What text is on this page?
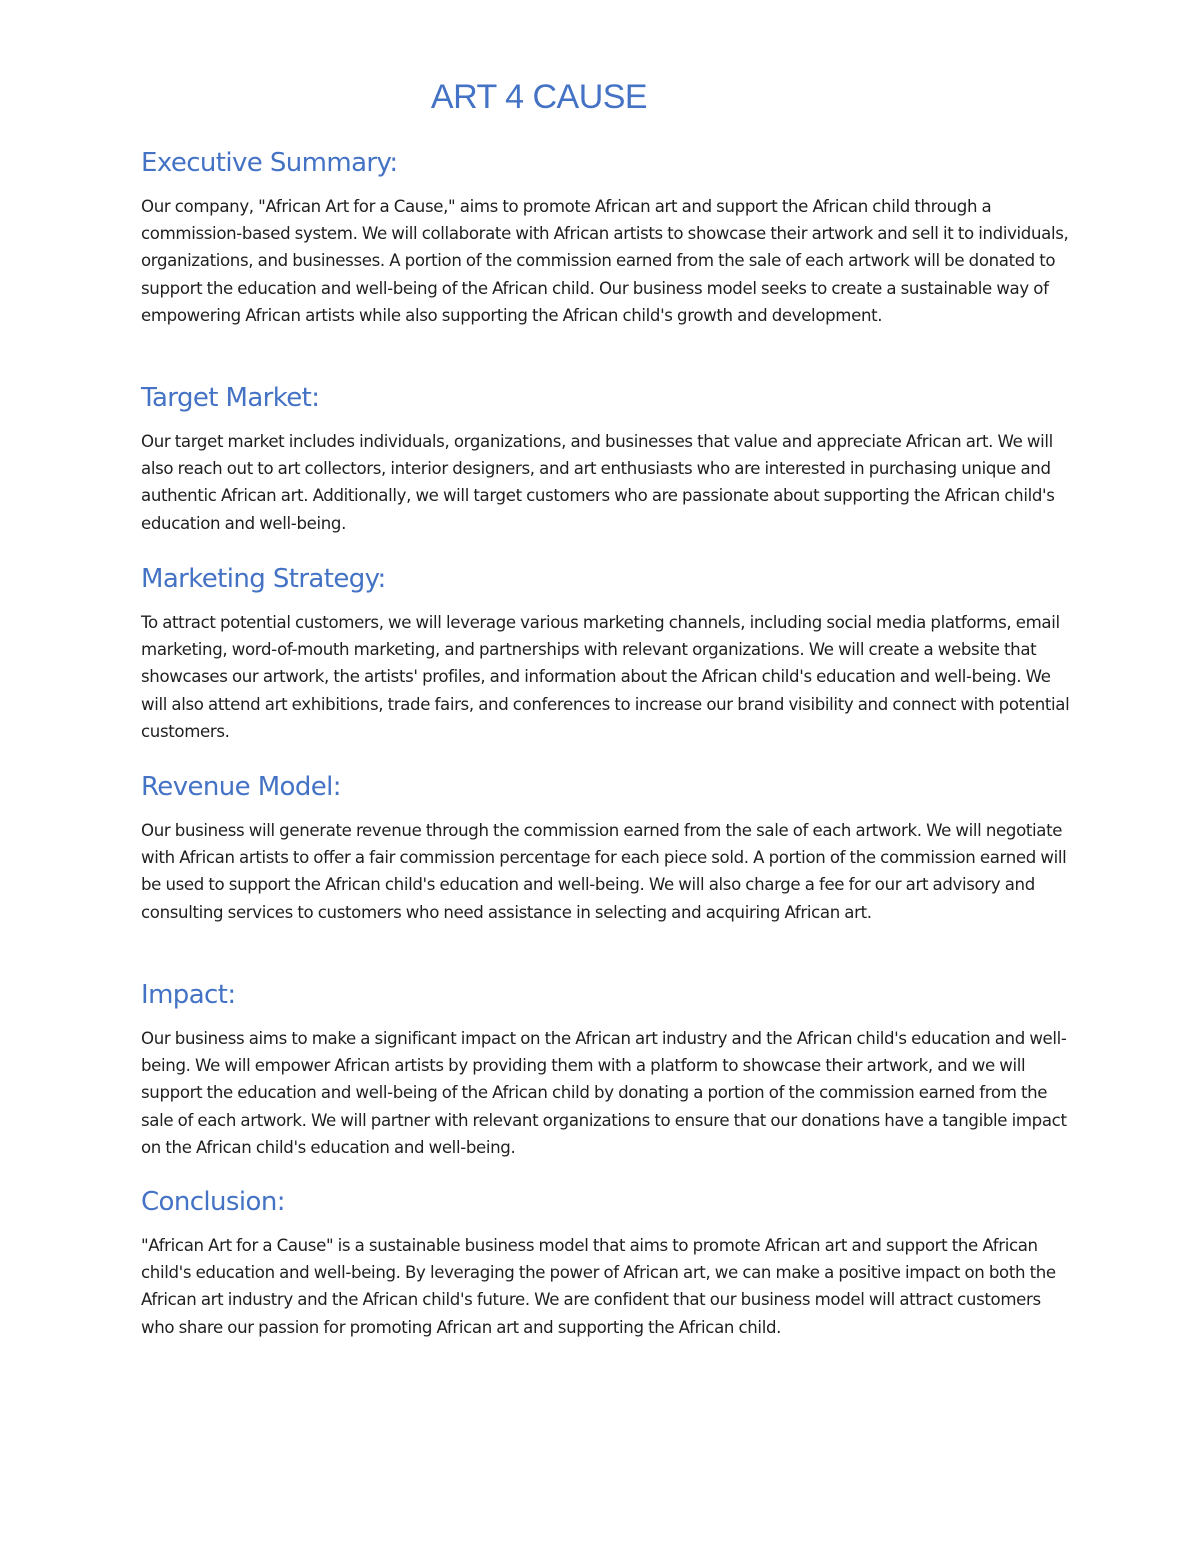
ART 4 CAUSE
Executive Summary:

Our company, "African Art for a Cause," aims to promote African art and support the African child through a commission-based system. We will collaborate with African artists to showcase their artwork and sell it to individuals, organizations, and businesses. A portion of the commission earned from the sale of each artwork will be donated to support the education and well-being of the African child. Our business model seeks to create a sustainable way of empowering African artists while also supporting the African child's growth and development.

Target Market:

Our target market includes individuals, organizations, and businesses that value and appreciate African art. We will also reach out to art collectors, interior designers, and art enthusiasts who are interested in purchasing unique and authentic African art. Additionally, we will target customers who are passionate about supporting the African child's education and well-being.

Marketing Strategy:

To attract potential customers, we will leverage various marketing channels, including social media platforms, email marketing, word-of-mouth marketing, and partnerships with relevant organizations. We will create a website that showcases our artwork, the artists' profiles, and information about the African child's education and well-being. We will also attend art exhibitions, trade fairs, and conferences to increase our brand visibility and connect with potential customers.

Revenue Model:

Our business will generate revenue through the commission earned from the sale of each artwork. We will negotiate with African artists to offer a fair commission percentage for each piece sold. A portion of the commission earned will be used to support the African child's education and well-being. We will also charge a fee for our art advisory and consulting services to customers who need assistance in selecting and acquiring African art.

Impact:

Our business aims to make a significant impact on the African art industry and the African child's education and well-being. We will empower African artists by providing them with a platform to showcase their artwork, and we will support the education and well-being of the African child by donating a portion of the commission earned from the sale of each artwork. We will partner with relevant organizations to ensure that our donations have a tangible impact on the African child's education and well-being.

Conclusion:

"African Art for a Cause" is a sustainable business model that aims to promote African art and support the African child's education and well-being. By leveraging the power of African art, we can make a positive impact on both the African art industry and the African child's future. We are confident that our business model will attract customers who share our passion for promoting African art and supporting the African child.
